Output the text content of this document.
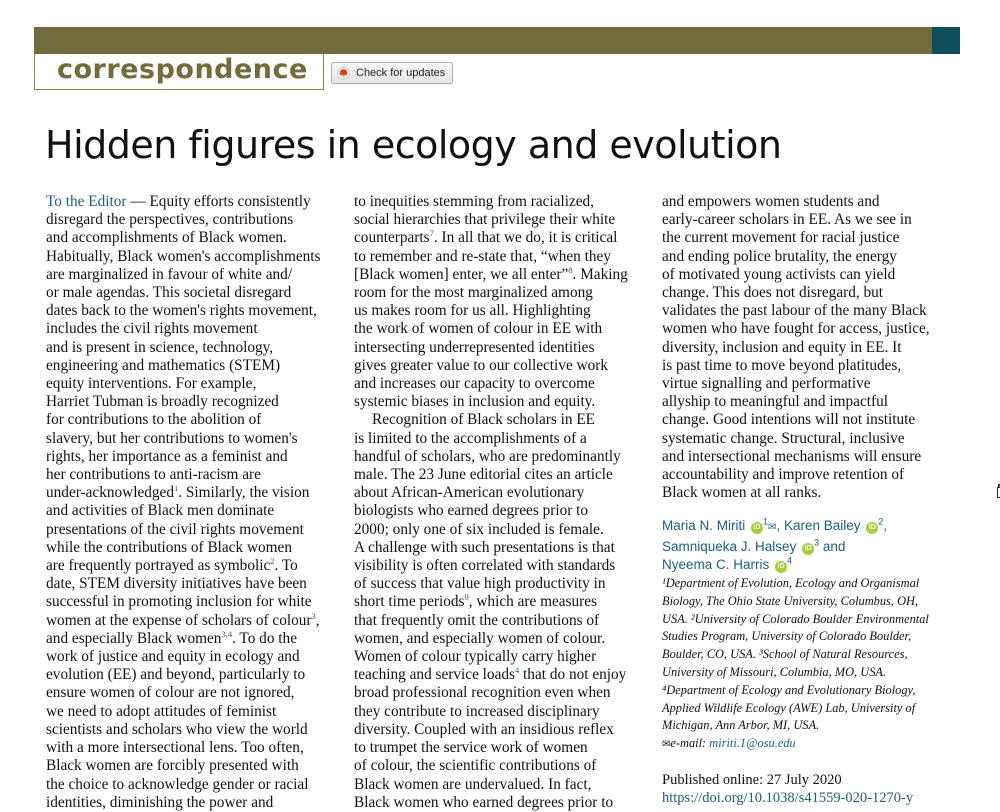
correspondence	Check for updates
Hidden figures in ecology and evolution
To the Editor — Equity efforts consistently
disregard the perspectives, contributions
and accomplishments of Black women.
Habitually, Black women's accomplishments
are marginalized in favour of white and/
or male agendas. This societal disregard
dates back to the women's rights movement,
includes the civil rights movement
and is present in science, technology,
engineering and mathematics (STEM)
equity interventions. For example,
Harriet Tubman is broadly recognized
for contributions to the abolition of
slavery, but her contributions to women's
rights, her importance as a feminist and
her contributions to anti-racism are
under-acknowledged$^1$. Similarly, the vision
and activities of Black men dominate
presentations of the civil rights movement
while the contributions of Black women
are frequently portrayed as symbolic$^2$. To
date, STEM diversity initiatives have been
successful in promoting inclusion for white
women at the expense of scholars of colour$^3$,
and especially Black women$^{3,4}$. To do the
work of justice and equity in ecology and
evolution (EE) and beyond, particularly to
ensure women of colour are not ignored,
we need to adopt attitudes of feminist
scientists and scholars who view the world
with a more intersectional lens. Too often,
Black women are forcibly presented with
the choice to acknowledge gender or racial
identities, diminishing the power and
to inequities stemming from racialized,
social hierarchies that privilege their white
counterparts$^7$. In all that we do, it is critical
to remember and re-state that, “when they
[Black women] enter, we all enter”$^8$. Making
room for the most marginalized among
us makes room for us all. Highlighting
the work of women of colour in EE with
intersecting underrepresented identities
gives greater value to our collective work
and increases our capacity to overcome
systemic biases in inclusion and equity.
Recognition of Black scholars in EE
is limited to the accomplishments of a
handful of scholars, who are predominantly
male. The 23 June editorial cites an article
about African-American evolutionary
biologists who earned degrees prior to
2000; only one of six included is female.
A challenge with such presentations is that
visibility is often correlated with standards
of success that value high productivity in
short time periods$^9$, which are measures
that frequently omit the contributions of
women, and especially women of colour.
Women of colour typically carry higher
teaching and service loads$^4$ that do not enjoy
broad professional recognition even when
they contribute to increased disciplinary
diversity. Coupled with an insidious reflex
to trumpet the service work of women
of colour, the scientific contributions of
Black women are undervalued. In fact,
Black women who earned degrees prior to
and empowers women students and
early-career scholars in EE. As we see in
the current movement for racial justice
and ending police brutality, the energy
of motivated young activists can yield
change. This does not disregard, but
validates the past labour of the many Black
women who have fought for access, justice,
diversity, inclusion and equity in EE. It
is past time to move beyond platitudes,
virtue signalling and performative
allyship to meaningful and impactful
change. Good intentions will not institute
systematic change. Structural, inclusive
and intersectional mechanisms will ensure
accountability and improve retention of
Black women at all ranks.
Maria N. Miriti $iD^1✉$, Karen Bailey $iD^2$,
Samniqueka J. Halsey $iD^3$ and
Nyeema C. Harris $iD^4$
¹Department of Evolution, Ecology and Organismal
Biology, The Ohio State University, Columbus, OH,
USA. ²University of Colorado Boulder Environmental
Studies Program, University of Colorado Boulder,
Boulder, CO, USA. ³School of Natural Resources,
University of Missouri, Columbia, MO, USA.
⁴Department of Ecology and Evolutionary Biology,
Applied Wildlife Ecology (AWE) Lab, University of
Michigan, Ann Arbor, MI, USA.
✉e-mail: miriti.1@osu.edu
Published online: 27 July 2020
https://doi.org/10.1038/s41559-020-1270-y
